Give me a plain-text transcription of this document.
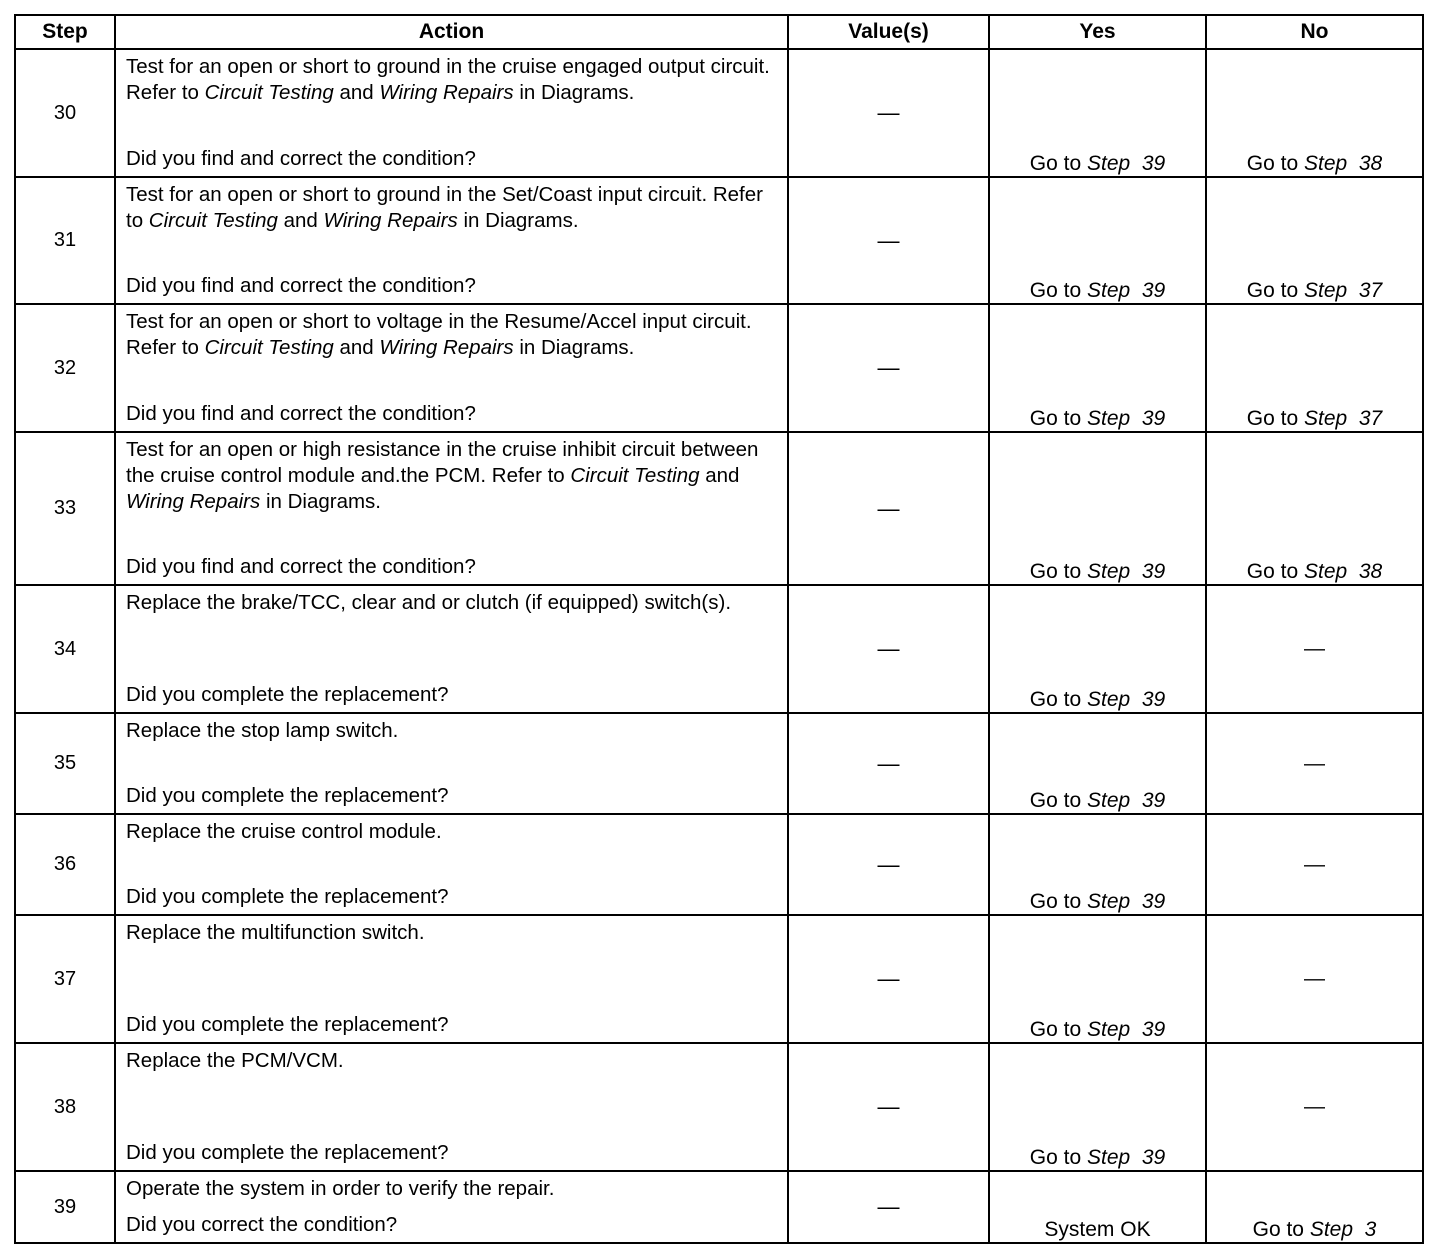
Step	Action	Value(s)	Yes	No
30	Test for an open or short to ground in the cruise engaged output circuit. Refer to Circuit Testing and Wiring Repairs in Diagrams.
Did you find and correct the condition?	—	Go to Step  39	Go to Step  38
31	Test for an open or short to ground in the Set/Coast input circuit. Refer to Circuit Testing and Wiring Repairs in Diagrams.
Did you find and correct the condition?	—	Go to Step  39	Go to Step  37
32	Test for an open or short to voltage in the Resume/Accel input circuit. Refer to Circuit Testing and Wiring Repairs in Diagrams.
Did you find and correct the condition?	—	Go to Step  39	Go to Step  37
33	Test for an open or high resistance in the cruise inhibit circuit between the cruise control module and.the PCM. Refer to Circuit Testing and Wiring Repairs in Diagrams.
Did you find and correct the condition?	—	Go to Step  39	Go to Step  38
34	Replace the brake/TCC, clear and or clutch (if equipped) switch(s).
Did you complete the replacement?	—	Go to Step  39	—
35	Replace the stop lamp switch.
Did you complete the replacement?	—	Go to Step  39	—
36	Replace the cruise control module.
Did you complete the replacement?	—	Go to Step  39	—
37	Replace the multifunction switch.
Did you complete the replacement?	—	Go to Step  39	—
38	Replace the PCM/VCM.
Did you complete the replacement?	—	Go to Step  39	—
39	Operate the system in order to verify the repair.
Did you correct the condition?	—	System OK	Go to Step  3
